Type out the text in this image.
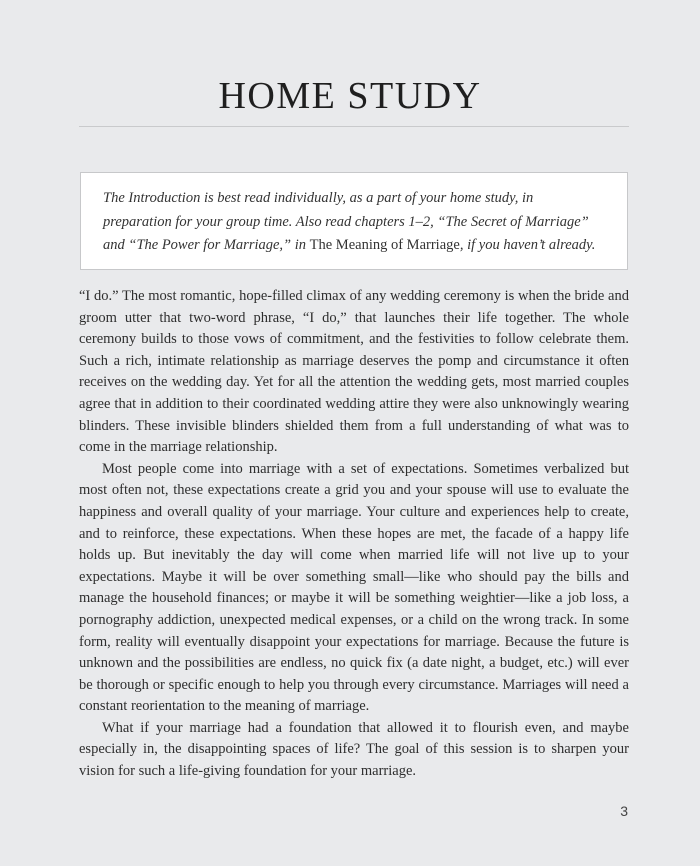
HOME STUDY
The Introduction is best read individually, as a part of your home study, in preparation for your group time. Also read chapters 1–2, “The Secret of Marriage” and “The Power for Marriage,” in The Meaning of Marriage, if you haven’t already.

“I do.” The most romantic, hope-filled climax of any wedding ceremony is when the bride and groom utter that two-word phrase, “I do,” that launches their life together. The whole ceremony builds to those vows of commitment, and the festivities to follow celebrate them. Such a rich, intimate relationship as marriage deserves the pomp and circumstance it often receives on the wedding day. Yet for all the attention the wedding gets, most married couples agree that in addition to their coordinated wedding attire they were also unknowingly wearing blinders. These invisible blinders shielded them from a full understanding of what was to come in the marriage relationship.

Most people come into marriage with a set of expectations. Sometimes verbalized but most often not, these expectations create a grid you and your spouse will use to evaluate the happiness and overall quality of your marriage. Your culture and experiences help to create, and to reinforce, these expectations. When these hopes are met, the facade of a happy life holds up. But inevitably the day will come when married life will not live up to your expectations. Maybe it will be over something small—like who should pay the bills and manage the household finances; or maybe it will be something weightier—like a job loss, a pornography addiction, unexpected medical expenses, or a child on the wrong track. In some form, reality will eventually disappoint your expectations for marriage. Because the future is unknown and the possibilities are endless, no quick fix (a date night, a budget, etc.) will ever be thorough or specific enough to help you through every circumstance. Marriages will need a constant reorientation to the meaning of marriage.

What if your marriage had a foundation that allowed it to flourish even, and maybe especially in, the disappointing spaces of life? The goal of this session is to sharpen your vision for such a life-giving foundation for your marriage.

3
